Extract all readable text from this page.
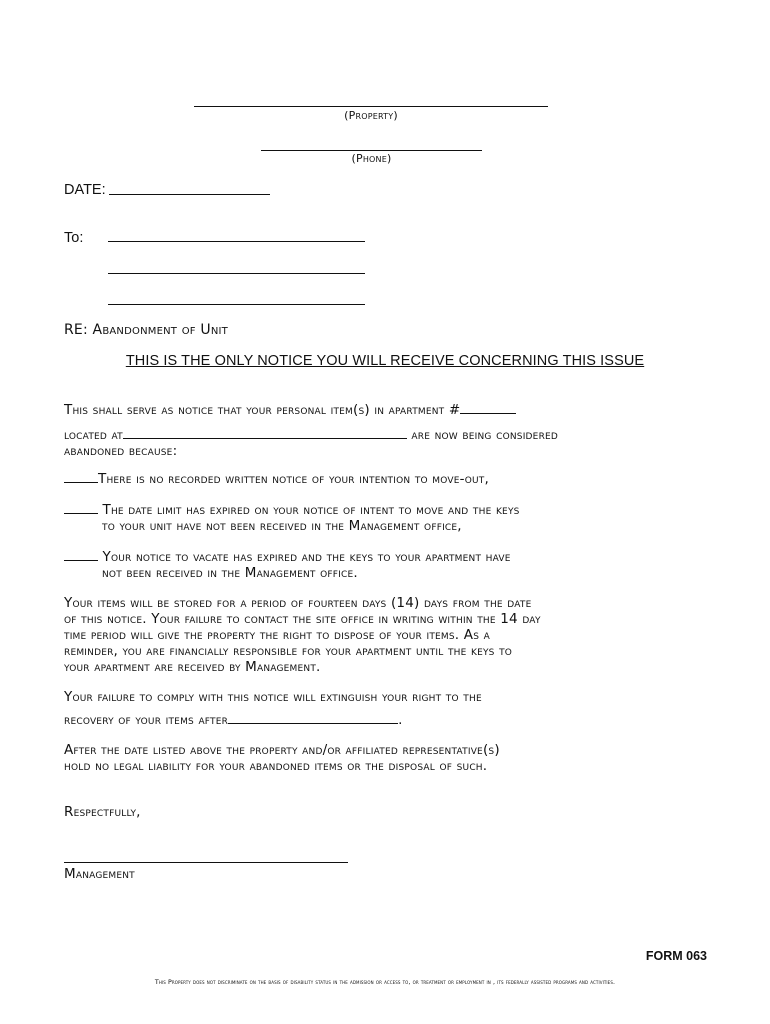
(Property)
(Phone)
DATE:
To:
RE: Abandonment of Unit
THIS IS THE ONLY NOTICE YOU WILL RECEIVE CONCERNING THIS ISSUE
This shall serve as notice that your personal item(s) in apartment #
located at	are now being considered
abandoned because:
There is no recorded written notice of your intention to move-out,
The date limit has expired on your notice of intent to move and the keys
to your unit have not been received in the Management office,
Your notice to vacate has expired and the keys to your apartment have
not been received in the Management office.
Your items will be stored for a period of fourteen days (14) days from the date
of this notice. Your failure to contact the site office in writing within the 14 day
time period will give the property the right to dispose of your items. As a
reminder, you are financially responsible for your apartment until the keys to
your apartment are received by Management.
Your failure to comply with this notice will extinguish your right to the
recovery of your items after	.
After the date listed above the property and/or affiliated representative(s)
hold no legal liability for your abandoned items or the disposal of such.
Respectfully,
Management
FORM 063
This Property does not discriminate on the basis of disability status in the admission or access to, or treatment or employment in , its federally assisted programs and activities.
